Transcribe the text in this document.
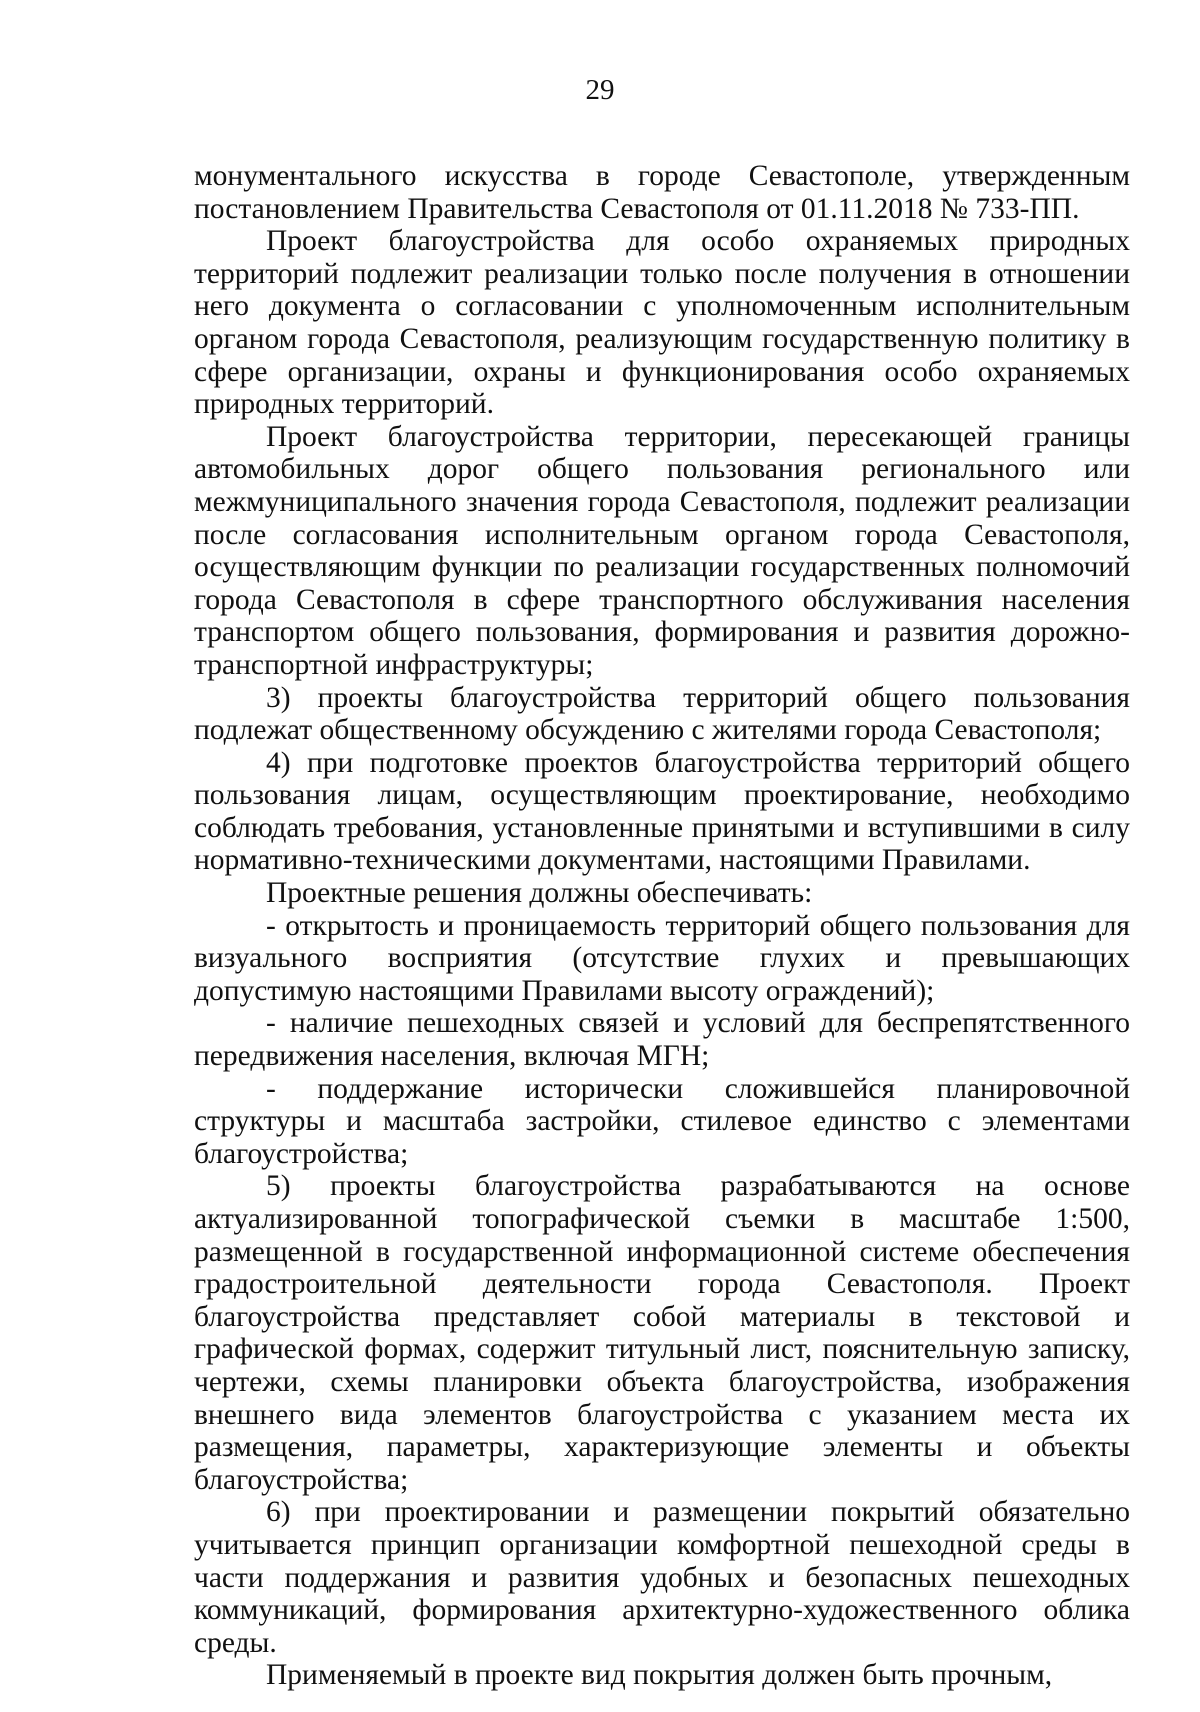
29

монументального искусства в городе Севастополе, утвержденным постановлением Правительства Севастополя от 01.11.2018 № 733-ПП.

Проект благоустройства для особо охраняемых природных территорий подлежит реализации только после получения в отношении него документа о согласовании с уполномоченным исполнительным органом города Севастополя, реализующим государственную политику в сфере организации, охраны и функционирования особо охраняемых природных территорий.

Проект благоустройства территории, пересекающей границы автомобильных дорог общего пользования регионального или межмуниципального значения города Севастополя, подлежит реализации после согласования исполнительным органом города Севастополя, осуществляющим функции по реализации государственных полномочий города Севастополя в сфере транспортного обслуживания населения транспортом общего пользования, формирования и развития дорожно-транспортной инфраструктуры;

3) проекты благоустройства территорий общего пользования подлежат общественному обсуждению с жителями города Севастополя;

4) при подготовке проектов благоустройства территорий общего пользования лицам, осуществляющим проектирование, необходимо соблюдать требования, установленные принятыми и вступившими в силу нормативно-техническими документами, настоящими Правилами.

Проектные решения должны обеспечивать:

- открытость и проницаемость территорий общего пользования для визуального восприятия (отсутствие глухих и превышающих допустимую настоящими Правилами высоту ограждений);

- наличие пешеходных связей и условий для беспрепятственного передвижения населения, включая МГН;

- поддержание исторически сложившейся планировочной структуры и масштаба застройки, стилевое единство с элементами благоустройства;

5) проекты благоустройства разрабатываются на основе актуализированной топографической съемки в масштабе 1:500, размещенной в государственной информационной системе обеспечения градостроительной деятельности города Севастополя. Проект благоустройства представляет собой материалы в текстовой и графической формах, содержит титульный лист, пояснительную записку, чертежи, схемы планировки объекта благоустройства, изображения внешнего вида элементов благоустройства с указанием места их размещения, параметры, характеризующие элементы и объекты благоустройства;

6) при проектировании и размещении покрытий обязательно учитывается принцип организации комфортной пешеходной среды в части поддержания и развития удобных и безопасных пешеходных коммуникаций, формирования архитектурно-художественного облика среды.

Применяемый в проекте вид покрытия должен быть прочным,
